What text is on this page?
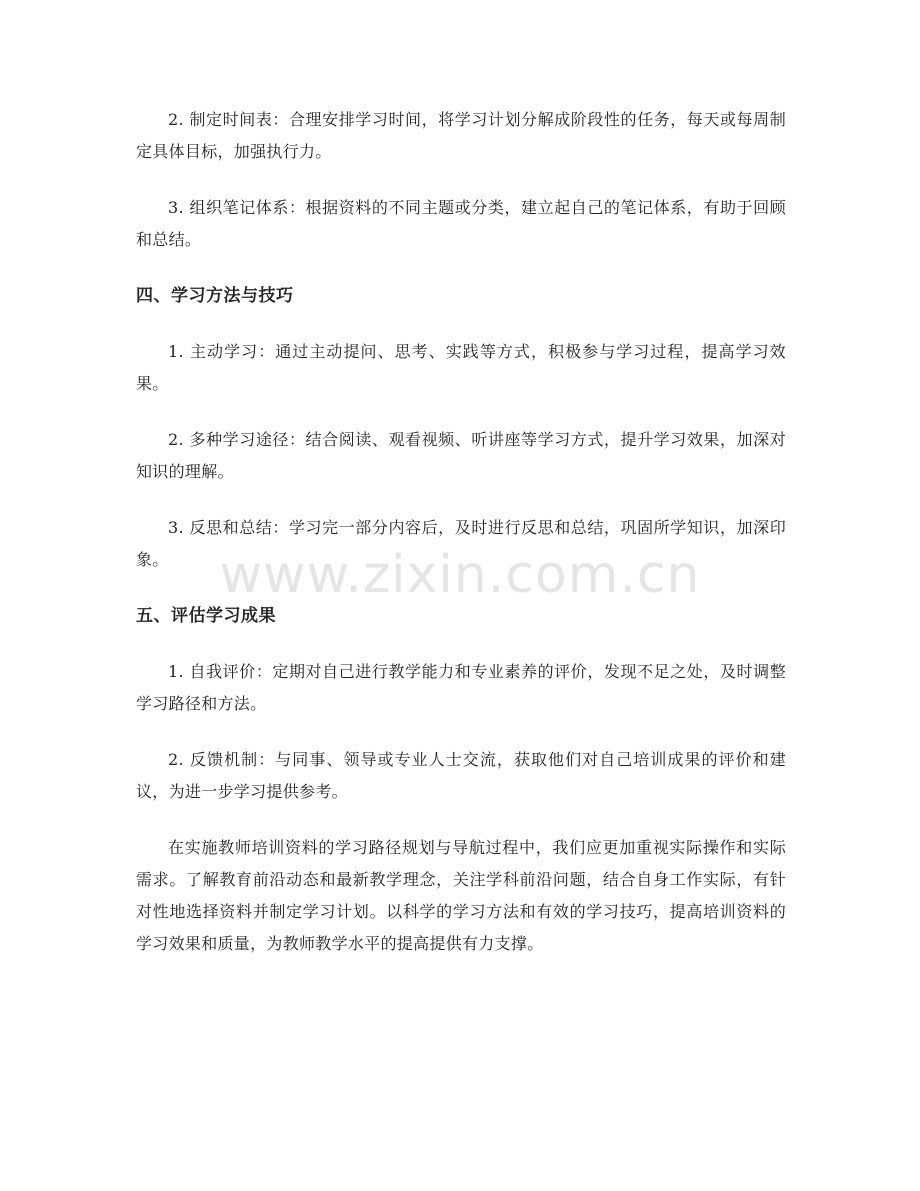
2. 制定时间表：合理安排学习时间，将学习计划分解成阶段性的任务，每天或每周制定具体目标，加强执行力。

3. 组织笔记体系：根据资料的不同主题或分类，建立起自己的笔记体系，有助于回顾和总结。

四、学习方法与技巧

1. 主动学习：通过主动提问、思考、实践等方式，积极参与学习过程，提高学习效果。

2. 多种学习途径：结合阅读、观看视频、听讲座等学习方式，提升学习效果，加深对知识的理解。

3. 反思和总结：学习完一部分内容后，及时进行反思和总结，巩固所学知识，加深印象。

五、评估学习成果

1. 自我评价：定期对自己进行教学能力和专业素养的评价，发现不足之处，及时调整学习路径和方法。

2. 反馈机制：与同事、领导或专业人士交流，获取他们对自己培训成果的评价和建议，为进一步学习提供参考。

在实施教师培训资料的学习路径规划与导航过程中，我们应更加重视实际操作和实际需求。了解教育前沿动态和最新教学理念，关注学科前沿问题，结合自身工作实际，有针对性地选择资料并制定学习计划。以科学的学习方法和有效的学习技巧，提高培训资料的学习效果和质量，为教师教学水平的提高提供有力支撑。

www.zixin.com.cn
